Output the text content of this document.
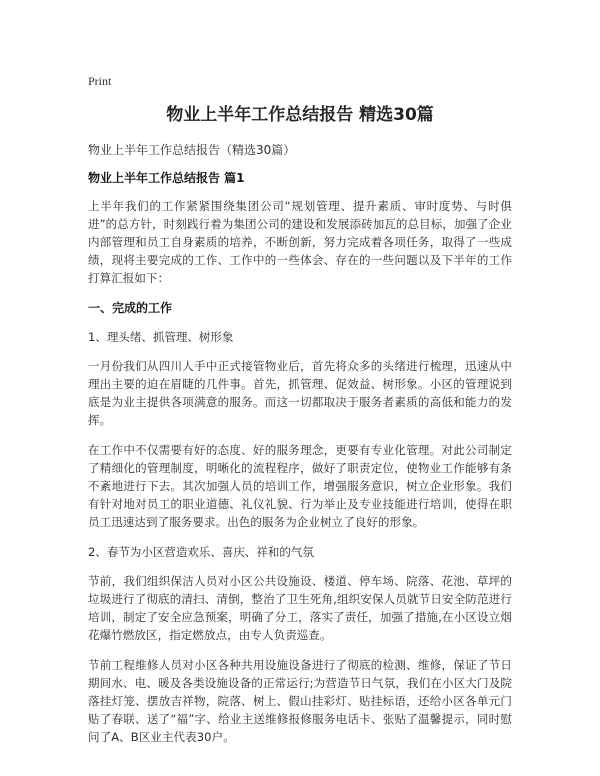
Print
物业上半年工作总结报告 精选30篇

物业上半年工作总结报告（精选30篇）

物业上半年工作总结报告 篇1

上半年我们的工作紧紧围绕集团公司“规划管理、提升素质、审时度势、与时俱进”的总方针，时刻践行着为集团公司的建设和发展添砖加瓦的总目标，加强了企业内部管理和员工自身素质的培养，不断创新，努力完成着各项任务，取得了一些成绩，现将主要完成的工作、工作中的一些体会、存在的一些问题以及下半年的工作打算汇报如下：

一、完成的工作

1、理头绪、抓管理、树形象

一月份我们从四川人手中正式接管物业后，首先将众多的头绪进行梳理，迅速从中理出主要的迫在眉睫的几件事。首先，抓管理、促效益、树形象。小区的管理说到底是为业主提供各项满意的服务。而这一切都取决于服务者素质的高低和能力的发挥。

在工作中不仅需要有好的态度、好的服务理念，更要有专业化管理。对此公司制定了精细化的管理制度，明晰化的流程程序，做好了职责定位，使物业工作能够有条不紊地进行下去。其次加强人员的培训工作，增强服务意识，树立企业形象。我们有针对地对员工的职业道德、礼仪礼貌、行为举止及专业技能进行培训，使得在职员工迅速达到了服务要求。出色的服务为企业树立了良好的形象。

2、春节为小区营造欢乐、喜庆、祥和的气氛

节前，我们组织保洁人员对小区公共设施设、楼道、停车场、院落、花池、草坪的垃圾进行了彻底的清扫、清倒，整治了卫生死角,组织安保人员就节日安全防范进行培训，制定了安全应急预案，明确了分工，落实了责任，加强了措施,在小区设立烟花爆竹燃放区，指定燃放点，由专人负责巡查。

节前工程维修人员对小区各种共用设施设备进行了彻底的检测、维修，保证了节日期间水、电、暖及各类设施设备的正常运行;为营造节日气氛，我们在小区大门及院落挂灯笼、摆放吉祥物，院落、树上、假山挂彩灯、贴挂标语，还给小区各单元门贴了春联、送了“福”字、给业主送维修报修服务电话卡、张贴了温馨提示，同时慰问了A、B区业主代表30户。
